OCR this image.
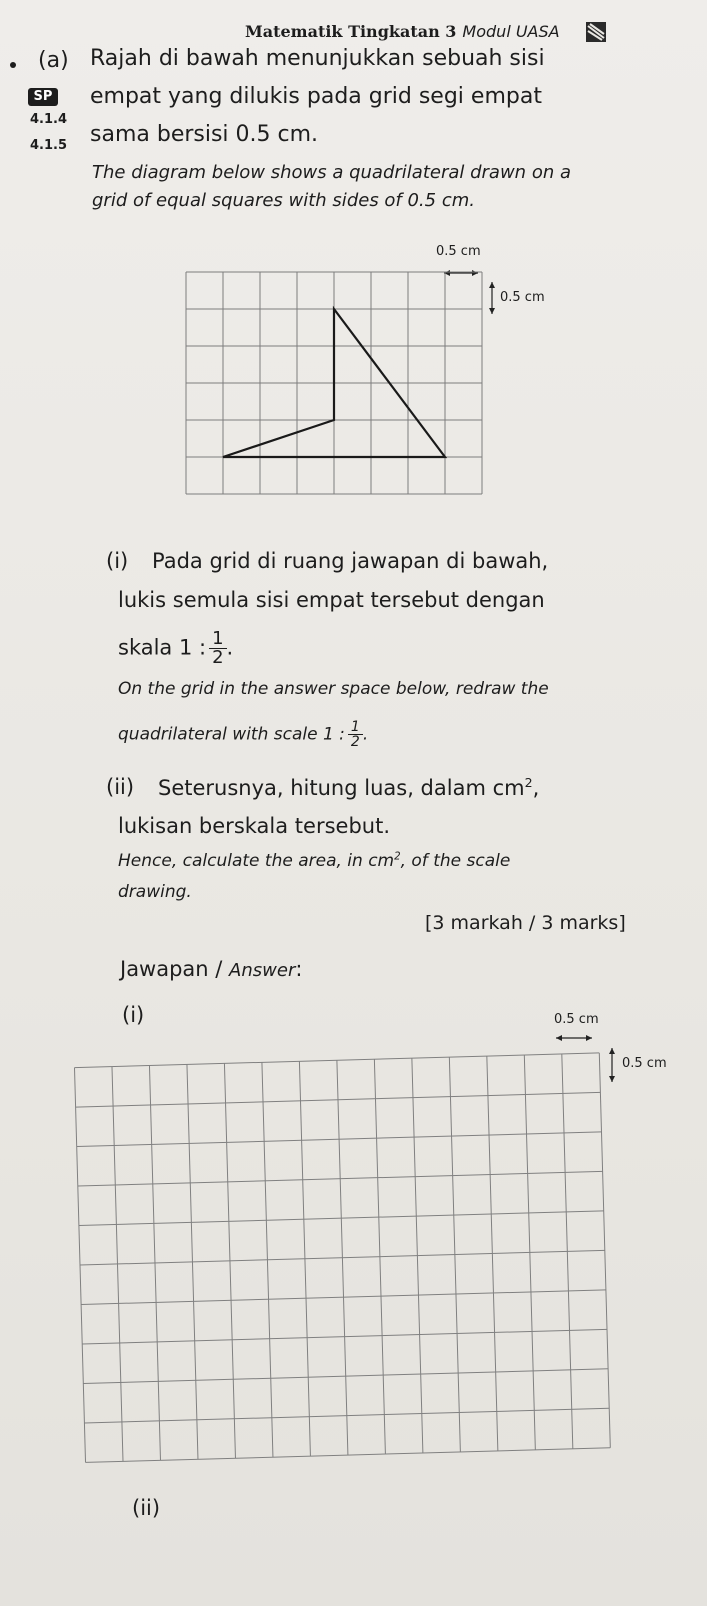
Matematik Tingkatan 3 Modul UASA
(a) Rajah di bawah menunjukkan sebuah sisi
SP empat yang dilukis pada grid segi empat
4.1.4
4.1.5 sama bersisi 0.5 cm.
The diagram below shows a quadrilateral drawn on a
grid of equal squares with sides of 0.5 cm.
0.5 cm
0.5 cm
(i) Pada grid di ruang jawapan di bawah,
lukis semula sisi empat tersebut dengan
skala 1 : $\frac{1}{2}$ .
On the grid in the answer space below, redraw the
quadrilateral with scale 1 : $\frac{1}{2}$ .
(ii) Seterusnya, hitung luas, dalam $cm^2$,
lukisan berskala tersebut.
Hence, calculate the area, in $cm^2$, of the scale
drawing.
[3 markah / 3 marks]
Jawapan / Answer:
(i)	0.5 cm
0.5 cm
(ii)
